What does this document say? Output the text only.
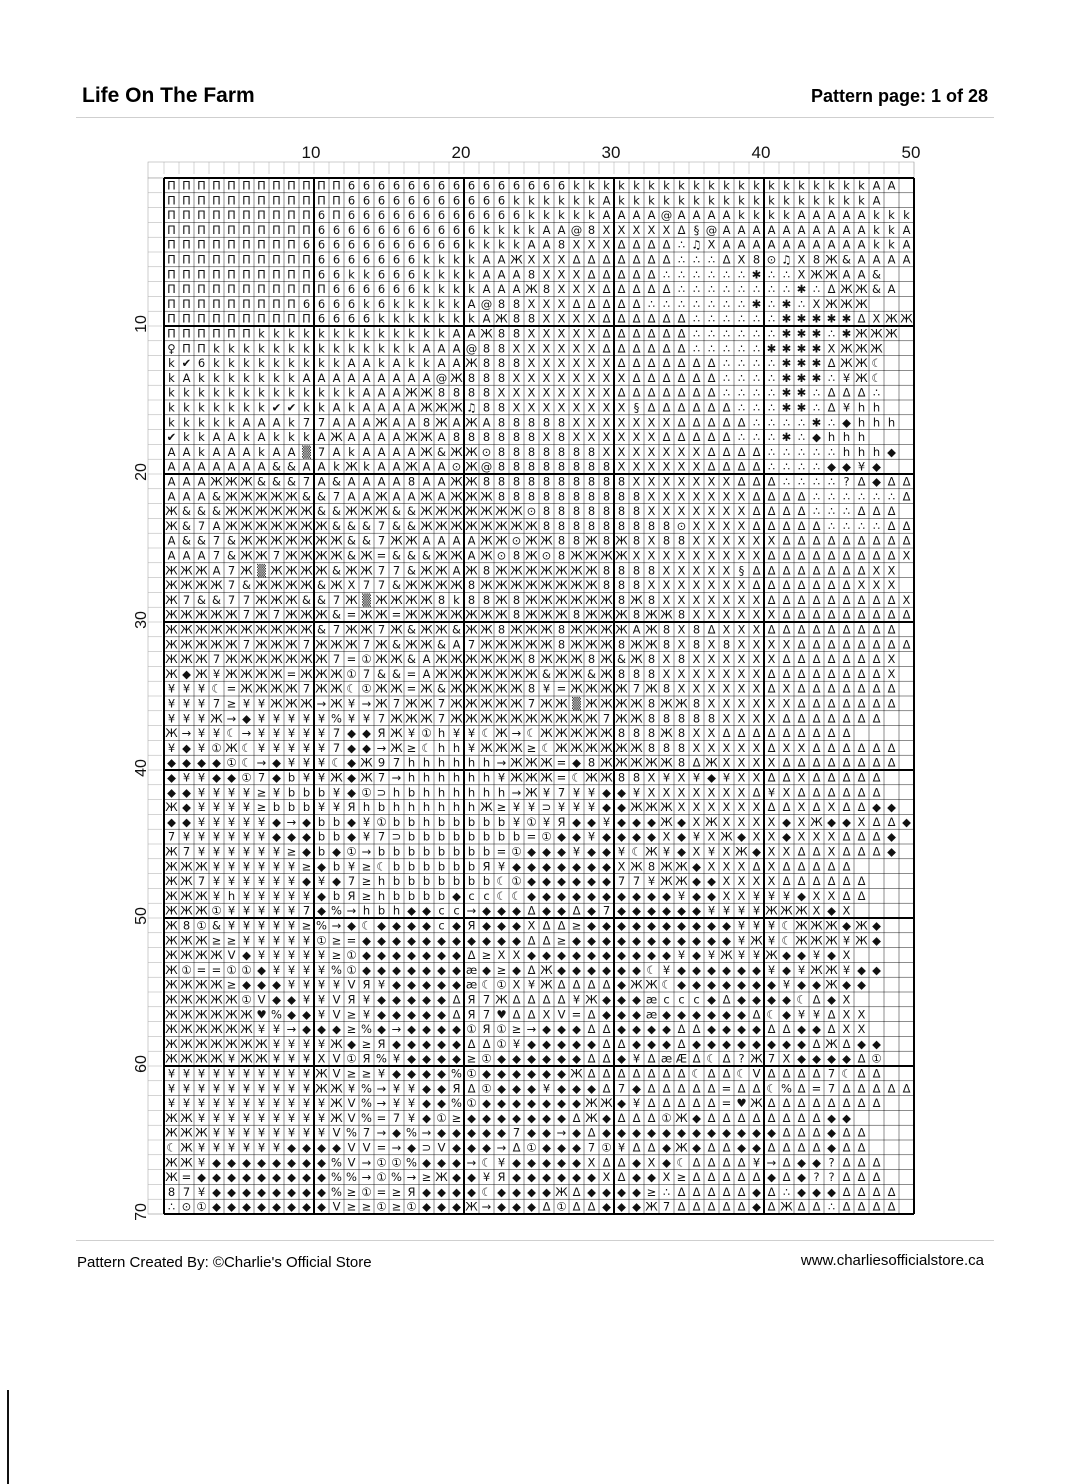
Life On The Farm	Pattern page: 1 of 28
П П П П П П П П П П П П 6 6 6 6 6 6 6 6 6 6 6 6 6 6 6 k k k k k k k k k k k k k k k k k k k k A A
П П П П П П П П П П П П 6 6 6 6 6 6 6 6 6 6 6 k k k k k k A k k k k k k k k k k k k k k k k k A
П П П П П П П П П П 6 П 6 6 6 6 6 6 6 6 6 6 6 6 k k k k k A A A A @ A A A A k k k k A A A A A k k k
П П П П П П П П П П 6 6 6 6 6 6 6 6 6 6 6 k k k k A A @ 8 X X X X X Δ § @ A A A A A A A A A A k k A
П П П П П П П П П 6 6 6 6 6 6 6 6 6 6 6 k k k k A A 8 X X X Δ Δ Δ Δ ∴ ♫ X A A A A A A A A A A k k A
П П П П П П П П П П 6 6 6 6 6 6 6 k k k k A A Ж X X X Δ Δ Δ Δ Δ Δ Δ ∴ ∴ ∴ Δ X 8 ⊙ ♫ X 8 Ж & A A A A
П П П П П П П П П П 6 6 k k 6 6 6 k k k k A A A 8 X X X Δ Δ Δ Δ Δ ∴ ∴ ∴ ∴ ∴ ∴ ✱ ∴ ∴ X Ж Ж A A &
П П П П П П П П П П П 6 6 6 6 6 6 k k k k A A A Ж 8 X X X Δ Δ Δ Δ Δ ∴ ∴ ∴ ∴ ∴ ∴ ∴ ∴ ✱ ∴ Δ Ж Ж & A
П П П П П П П П П 6 6 6 6 k 6 k k k k k A @ 8 8 X X X Δ Δ Δ Δ Δ ∴ ∴ ∴ ∴ ∴ ∴ ∴ ✱ ∴ ✱ ∴ X Ж Ж Ж
П П П П П П П П П П 6 6 6 6 k k k k k k k A Ж 8 8 X X X X Δ Δ Δ Δ Δ Δ ∴ ∴ ∴ ∴ ∴ ∴ ✱ ✱ ✱ ✱ ✱ Δ X Ж Ж
П П П П П П k k k k k k k k k k k k k A A Ж 8 8 X X X X X Δ Δ Δ Δ Δ Δ ∴ ∴ ∴ ∴ ∴ ∴ ✱ ✱ ✱ ∴ ✱ Ж Ж Ж
♀ П П k k k k k k k k k k k k k k A A A @ 8 8 X X X X X X Δ Δ Δ Δ Δ Δ ∴ ∴ ∴ ∴ ∴ ✱ ✱ ✱ ✱ X Ж Ж Ж
k ✔ 6 k k k k k k k k k A A k A k k A A Ж 8 8 8 X X X X X X Δ Δ Δ Δ Δ Δ Δ ∴ ∴ ∴ ∴ ✱ ✱ ✱ Δ Ж Ж ☾
k A k k k k k k k A A A A A A A A A @ Ж 8 8 8 X X X X X X X X Δ Δ Δ Δ Δ Δ ∴ ∴ ∴ ∴ ✱ ✱ ✱ ∴ ¥ Ж ☾
k k k k k k k k k k k k k A A A Ж Ж 8 8 8 8 X X X X X X X X Δ Δ Δ Δ Δ Δ Δ ∴ ∴ ∴ ∴ ✱ ✱ ∴ Δ Δ Δ ∴
k k k k k k k ✔ ✔ k k A k A A A A Ж Ж Ж ♫ 8 8 X X X X X X X X § Δ Δ Δ Δ Δ Δ ∴ ∴ ∴ ✱ ✱ ∴ Δ ¥ h h
k k k k k A A A k 7 7 A A A Ж A A 8 Ж A Ж A 8 8 8 8 8 X X X X X X X Δ Δ Δ Δ Δ ∴ ∴ ∴ ∴ ✱ ∴ ◆ h h h
✔ k k A A k A k k k A Ж A A A A Ж Ж A 8 8 8 8 8 8 X 8 X X X X X X Δ Δ Δ Δ Δ ∴ ∴ ∴ ✱ ∴ ◆ h h h
A A k A A A k A A ▒ 7 A k A A A A Ж & Ж Ж ⊙ 8 8 8 8 8 8 8 X X X X X X X Δ Δ Δ Δ ∴ ∴ ∴ ∴ ∴ h h h ◆
A A A A A A A & & A A k Ж k A A Ж A A ⊙ Ж @ 8 8 8 8 8 8 8 8 X X X X X X Δ Δ Δ Δ ∴ ∴ ∴ ∴ ◆ ◆ ¥ ◆
A A A Ж Ж Ж & & & 7 A & A A A A 8 A A Ж Ж 8 8 8 8 8 8 8 8 8 8 X X X X X X X Δ Δ Δ ∴ ∴ ∴ ∴ ? Δ ◆ Δ Δ
A A A & Ж Ж Ж Ж Ж & & 7 A A Ж A A Ж A Ж Ж Ж 8 8 8 8 8 8 8 8 8 8 X X X X X X X Δ Δ Δ Δ ∴ ∴ ∴ ∴ ∴ ∴ Δ
Ж & & & Ж Ж Ж Ж Ж Ж & & Ж Ж Ж & & Ж Ж Ж Ж Ж Ж Ж ⊙ 8 8 8 8 8 8 8 X X X X X X X Δ Δ Δ Δ ∴ ∴ ∴ Δ Δ Δ
Ж & 7 A Ж Ж Ж Ж Ж Ж Ж & & & 7 & & Ж Ж Ж Ж Ж Ж Ж Ж 8 8 8 8 8 8 8 8 8 ⊙ X X X X Δ Δ Δ Δ Δ ∴ ∴ ∴ ∴ Δ Δ
A & & 7 & Ж Ж Ж Ж Ж Ж Ж & & 7 Ж Ж A A A A Ж Ж ⊙ Ж Ж 8 8 Ж 8 Ж 8 X 8 8 X X X X X X Δ Δ Δ Δ Δ Δ Δ Δ Δ
A A A 7 & Ж Ж 7 Ж Ж Ж Ж & Ж = & & & Ж Ж A Ж ⊙ 8 Ж ⊙ 8 Ж Ж Ж Ж X X X X X X X X X Δ Δ Δ Δ Δ Δ Δ Δ Δ X
Ж Ж Ж A 7 Ж ▒ Ж Ж Ж Ж & Ж Ж 7 7 & Ж Ж A Ж 8 Ж Ж Ж Ж Ж Ж Ж 8 8 8 8 X X X X X § Δ Δ Δ Δ Δ Δ Δ Δ X X
Ж Ж Ж Ж 7 & Ж Ж Ж Ж & Ж X 7 7 & Ж Ж Ж Ж 8 Ж Ж Ж Ж Ж Ж Ж Ж 8 8 8 X X X X X X X Δ Δ Δ Δ Δ Δ Δ X X X
Ж 7 & & 7 7 Ж Ж Ж & & 7 Ж ▒ Ж Ж Ж Ж 8 k 8 8 Ж 8 Ж Ж Ж Ж Ж Ж 8 Ж 8 X X X X X X X Δ Δ Δ Δ Δ Δ Δ Δ Δ X
Ж Ж Ж Ж Ж 7 Ж 7 Ж Ж Ж & = Ж Ж = Ж Ж Ж Ж Ж Ж Ж 8 Ж Ж Ж 8 Ж Ж Ж 8 Ж Ж 8 X X X X X X Δ Δ Δ Δ Δ Δ Δ Δ Δ
Ж Ж Ж Ж Ж Ж Ж Ж Ж Ж & 7 Ж Ж 7 Ж & Ж Ж & Ж Ж 8 Ж Ж Ж 8 Ж Ж Ж Ж A Ж 8 X 8 Δ X X X Δ Δ Δ Δ Δ Δ Δ Δ Δ
Ж Ж Ж Ж Ж 7 Ж Ж Ж 7 Ж Ж Ж 7 Ж & Ж Ж & A 7 Ж Ж Ж Ж Ж 8 Ж Ж Ж 8 Ж Ж 8 X 8 X 8 X X X X Δ Δ Δ Δ Δ Δ Δ Δ
Ж Ж Ж 7 Ж Ж Ж Ж Ж Ж Ж 7 = ① Ж Ж & A Ж Ж Ж Ж Ж Ж 8 Ж Ж Ж 8 Ж & Ж 8 X 8 X X X X X X Δ Δ Δ Δ Δ Δ Δ X
Ж ◆ Ж ¥ Ж Ж Ж Ж = Ж Ж Ж ① 7 & & = A Ж Ж Ж Ж Ж Ж Ж & Ж Ж & Ж 8 8 8 X X X X X X X Δ Δ Δ Δ Δ Δ Δ Δ X
¥ ¥ ¥ ☾ = Ж Ж Ж Ж 7 Ж Ж ☾ ① Ж Ж = Ж & Ж Ж Ж Ж Ж 8 ¥ = Ж Ж Ж Ж 7 Ж 8 X X X X X X Δ X Δ Δ Δ Δ Δ Δ Δ
¥ ¥ ¥ 7 ≥ ¥ ¥ Ж Ж Ж → Ж ¥ → Ж 7 Ж Ж 7 Ж Ж Ж Ж Ж 7 Ж Ж ▒ Ж Ж Ж Ж 8 Ж Ж 8 X X X X X X Δ Δ Δ Δ Δ Δ Δ
¥ ¥ ¥ Ж → ◆ ¥ ¥ ¥ ¥ ¥ % ¥ ¥ 7 Ж Ж Ж 7 Ж Ж Ж Ж Ж Ж Ж Ж Ж Ж 7 Ж Ж 8 8 8 8 8 X X X X Δ Δ Δ Δ Δ Δ Δ
Ж → ¥ ¥ ☾ → ¥ ¥ ¥ ¥ ¥ 7 ◆ ◆ Я Ж ¥ ① h ¥ ¥ ☾ Ж → ☾ Ж Ж Ж Ж Ж 8 8 8 Ж 8 X X Δ Δ Δ Δ Δ Δ Δ Δ Δ
¥ ◆ ¥ ① Ж ☾ ¥ ¥ ¥ ¥ ¥ 7 ◆ ◆ → Ж ≥ ☾ h h ¥ Ж Ж Ж ≥ ☾ Ж Ж Ж Ж Ж Ж 8 8 8 X X X X X Δ X X Δ Δ Δ Δ Δ Δ
◆ ◆ ◆ ◆ ① ☾ → ◆ ¥ ¥ ¥ ☾ ◆ Ж 9 7 h h h h h h → Ж Ж Ж = ◆ 8 Ж Ж Ж Ж Ж 8 Δ Ж X X X X Δ Δ Δ Δ Δ Δ Δ Δ
◆ ¥ ¥ ◆ ◆ ① 7 ◆ b ¥ ¥ Ж ◆ Ж 7 → h h h h h h ¥ Ж Ж Ж = ☾ Ж Ж 8 8 X ¥ X ¥ ◆ ¥ X X Δ Δ X Δ Δ Δ Δ Δ
◆ ◆ ¥ ¥ ¥ ¥ ≥ ¥ b b b ¥ ◆ ① ⊃ h b h h h h h h → Ж ¥ 7 ¥ ¥ ◆ ◆ ¥ X X X X X X X Δ ¥ X Δ Δ Δ Δ Δ Δ
Ж ◆ ¥ ¥ ¥ ¥ ≥ b b b ¥ ¥ Я h b h h h h h h Ж ≥ ¥ ¥ ⊃ ¥ ¥ ¥ ◆ ◆ Ж Ж Ж X X X X X X Δ Δ X Δ X Δ Δ ◆ ◆
◆ ◆ ¥ ¥ ¥ ¥ ¥ ◆ → ◆ b b ◆ ¥ ① b b h b b b b b ¥ ① ¥ Я ◆ ◆ ¥ ◆ ◆ ◆ Ж ◆ X Ж X X X X ◆ X Ж ◆ ◆ X Δ Δ ◆
7 ¥ ¥ ¥ ¥ ¥ ¥ ◆ ◆ ◆ b b ◆ ¥ 7 ⊃ b b b b b b b b = ① ◆ ◆ ¥ ◆ ◆ ◆ ◆ X ◆ ¥ X Ж ◆ X X ◆ X X X Δ Δ Δ ◆
Ж 7 ¥ ¥ ¥ ¥ ¥ ¥ ≥ ◆ b ◆ ① → b b b b b b b b = ① ◆ ◆ ◆ ¥ ◆ ◆ ¥ ☾ Ж ¥ ◆ X ¥ X Ж ◆ X X Δ Δ X Δ Δ Δ ◆
Ж Ж Ж ¥ ¥ ¥ ¥ ¥ ¥ ≥ ◆ b ¥ ≥ ☾ b b b b b b Я ¥ ◆ ◆ ◆ ◆ ◆ ◆ ◆ X Ж 8 Ж Ж ◆ X X X Δ X Δ Δ Δ Δ Δ
Ж Ж 7 ¥ ¥ ¥ ¥ ¥ ¥ ◆ ¥ ◆ 7 ≥ h b b b b b b b ☾ ① ◆ ◆ ◆ ◆ ◆ ◆ 7 7 ¥ Ж Ж ◆ ◆ X X X X Δ Δ Δ Δ Δ Δ
Ж Ж Ж ¥ h ¥ ¥ ¥ ¥ ¥ ◆ b Я ≥ h b b b b ◆ c c ☾ ☾ ◆ ◆ ◆ ◆ ◆ ◆ ◆ ◆ ◆ ◆ ¥ ◆ ◆ X X ¥ ¥ ¥ ◆ X X Δ Δ
Ж Ж Ж ① ¥ ¥ ¥ ¥ ¥ 7 ◆ % → h b h ◆ ◆ c c → ◆ ◆ ◆ Δ ◆ ◆ Δ ◆ 7 ◆ ◆ ◆ ◆ ◆ ◆ ¥ ¥ ¥ ¥ Ж Ж Ж X ◆ X
Ж 8 ① & ¥ ¥ ¥ ¥ ¥ ≥ % → ◆ ☾ ◆ ◆ ◆ ◆ c ◆ Я ◆ ◆ ◆ X Δ Δ ≥ ◆ ◆ ◆ ◆ ◆ ◆ ◆ ◆ ◆ ◆ ¥ ¥ ¥ ☾ Ж Ж Ж ◆ Ж ◆
Ж Ж Ж ≥ ≥ ¥ ¥ ¥ ¥ ¥ ① ≥ = ◆ ◆ ◆ ◆ ◆ ◆ ◆ ◆ ◆ ◆ ◆ Δ Δ ≥ ◆ ◆ ◆ ◆ ◆ ◆ ◆ ◆ ◆ ◆ ◆ ¥ Ж ¥ ☾ Ж Ж Ж ¥ Ж ◆
Ж Ж Ж Ж V ◆ ¥ ¥ ¥ ¥ ¥ ≥ ① ◆ ◆ ◆ ◆ ◆ ◆ ◆ Δ ≥ X X ◆ ◆ ◆ ◆ ◆ ◆ ◆ ◆ ◆ ◆ ¥ ◆ ¥ Ж ¥ ¥ Ж ◆ ◆ ¥ ◆ X
Ж ① = = ① ① ◆ ¥ ¥ ¥ ¥ % ① ◆ ◆ ◆ ◆ ◆ ◆ ◆ æ ◆ ≥ ◆ Δ Ж ◆ ◆ ◆ ◆ ◆ ◆ ☾ ¥ ◆ ◆ ◆ ◆ ◆ ◆ ¥ ◆ ¥ Ж Ж ¥ ◆ ◆
Ж Ж Ж Ж ≥ ◆ ◆ ◆ ¥ ¥ ¥ ¥ V Я ¥ ◆ ◆ ◆ ◆ ◆ æ ☾ ① X ¥ Ж Δ Δ Δ Δ ◆ Ж Ж ☾ ◆ ◆ ◆ ◆ ◆ ◆ ◆ ¥ ◆ ◆ Ж ◆ ◆
Ж Ж Ж Ж Ж ① V ◆ ◆ ¥ ¥ V Я ¥ ◆ ◆ ◆ ◆ ◆ Δ Я 7 Ж Δ Δ Δ Δ ¥ Ж ◆ ◆ ◆ æ c c c ◆ Δ ◆ ◆ ◆ ◆ ☾ Δ ◆ X
Ж Ж Ж Ж Ж Ж ♥ % ◆ ◆ ¥ V ≥ ¥ ◆ ◆ ◆ ◆ ◆ Δ Я 7 ♥ Δ Δ X V = Δ ◆ ◆ ◆ æ ◆ ◆ ◆ ◆ ◆ ◆ Δ ☾ ◆ ¥ ¥ Δ X X
Ж Ж Ж Ж Ж Ж ¥ ¥ → ◆ ◆ ◆ ≥ % ◆ → ◆ ◆ ◆ ◆ ① Я ① ≥ → ◆ ◆ ◆ Δ Δ ◆ ◆ ◆ ◆ Δ Δ ◆ ◆ ◆ ◆ Δ Δ ◆ ◆ Δ X X
Ж Ж Ж Ж Ж Ж Ж ¥ ¥ ¥ ¥ Ж ◆ ≥ Я ◆ ◆ ◆ ◆ ◆ Δ Δ ① ¥ ◆ ◆ ◆ ◆ ◆ Δ Δ ◆ ◆ ◆ Δ ◆ ◆ ◆ ◆ ◆ ◆ ◆ ◆ Δ Ж Δ ◆ ◆
Ж Ж Ж Ж ¥ Ж Ж ¥ ¥ ¥ X V ① Я % ¥ ◆ ◆ ◆ ◆ ≥ ① ◆ ◆ ◆ ◆ ◆ ◆ Δ Δ ◆ ¥ Δ æ Æ Δ ☾ Δ ? Ж 7 X ◆ ◆ ◆ ◆ Δ ①
¥ ¥ ¥ ¥ ¥ ¥ ¥ ¥ ¥ ¥ Ж V ≥ ≥ ¥ ◆ ◆ ◆ ◆ % ① ◆ ◆ ◆ ◆ ◆ ◆ Ж Δ Δ Δ Δ Δ Δ Δ ☾ Δ Δ ☾ V Δ Δ Δ Δ 7 ☾ Δ Δ
¥ ¥ ¥ ¥ ¥ ¥ ¥ ¥ ¥ ¥ Ж Ж ¥ % → ¥ ¥ ◆ ◆ Я Δ ① ◆ ◆ ◆ ¥ ◆ ◆ ◆ Δ 7 ◆ Δ Δ Δ Δ Δ = Δ Δ ☾ % Δ = 7 Δ Δ Δ Δ Δ
¥ ¥ ¥ ¥ ¥ ¥ ¥ ¥ ¥ ¥ ¥ Ж V % → ¥ ¥ ◆ ◆ % ① ◆ ◆ ◆ ◆ ◆ ◆ ◆ Ж Ж ◆ ¥ Δ Δ Δ Δ Δ = ♥ Ж Δ Δ Δ Δ Δ Δ Δ Δ
Ж Ж ¥ ¥ ¥ ¥ ¥ ¥ ¥ ¥ ¥ Ж V % = 7 ¥ ◆ ① ≥ ◆ ◆ ◆ ◆ ◆ ◆ ◆ Δ Ж ◆ Δ Δ Δ ① Ж ◆ Δ Δ Δ Δ Δ Δ Δ Δ ◆ ◆
Ж Ж Ж ¥ ¥ ¥ ¥ ¥ ¥ ¥ ¥ V % 7 → ◆ % → ◆ ◆ ◆ ◆ ◆ 7 ◆ ◆ → ◆ Δ ◆ ◆ ◆ ◆ ◆ ◆ ◆ ◆ ◆ ◆ ◆ ◆ Δ Δ Δ ◆ Δ Δ
☾ Ж ¥ ¥ ¥ ¥ ¥ ¥ ◆ ◆ ◆ ◆ V V = → ◆ ⊃ V ◆ ◆ ◆ → Δ ① ◆ ◆ ◆ 7 ① ¥ Δ Δ ◆ Ж ◆ Δ Δ ◆ ◆ Δ Δ Δ Δ ◆ Δ Δ
Ж Ж ¥ ◆ ◆ ◆ ◆ ◆ ◆ ◆ ◆ % V → ① ① % ◆ ◆ ◆ → ☾ ¥ ◆ ◆ ◆ ◆ ◆ X Δ Δ ◆ X ◆ ☾ Δ Δ Δ Δ ¥ → Δ ◆ ◆ ? Δ Δ Δ
Ж = ◆ ◆ ◆ ◆ ◆ ◆ ◆ ◆ ◆ % % → ① % → ≥ Ж ◆ ◆ ¥ Я ◆ ◆ ◆ ◆ ◆ ◆ X Δ ◆ ◆ X ≥ Δ Δ Δ Δ Δ ◆ Δ ◆ ? ? Δ Δ Δ
8 7 ¥ ◆ ◆ ◆ ◆ ◆ ◆ ◆ ◆ % ≥ ① = ≥ Я ◆ ◆ ◆ ◆ ☾ ◆ ◆ ◆ ◆ Ж Δ ◆ ◆ ◆ ◆ ≥ ∴ Δ Δ Δ Δ Δ ◆ Δ ∴ ◆ ◆ ◆ Δ Δ Δ Δ
∴ ⊙ ① ◆ ◆ ◆ ◆ ◆ ◆ ◆ ◆ V ≥ ≥ ① ≥ ① ◆ ◆ ◆ Ж → ◆ ◆ ◆ Δ ① Δ Δ ◆ ◆ ◆ Ж 7 Δ Δ Δ Δ Δ ◆ Δ Ж Δ Δ ∴ Δ Δ Δ Δ
10	20	30	40	50
10
20
30
40
50
60
70
Pattern Created By: ©Charlie's Official Store	www.charliesofficialstore.ca
